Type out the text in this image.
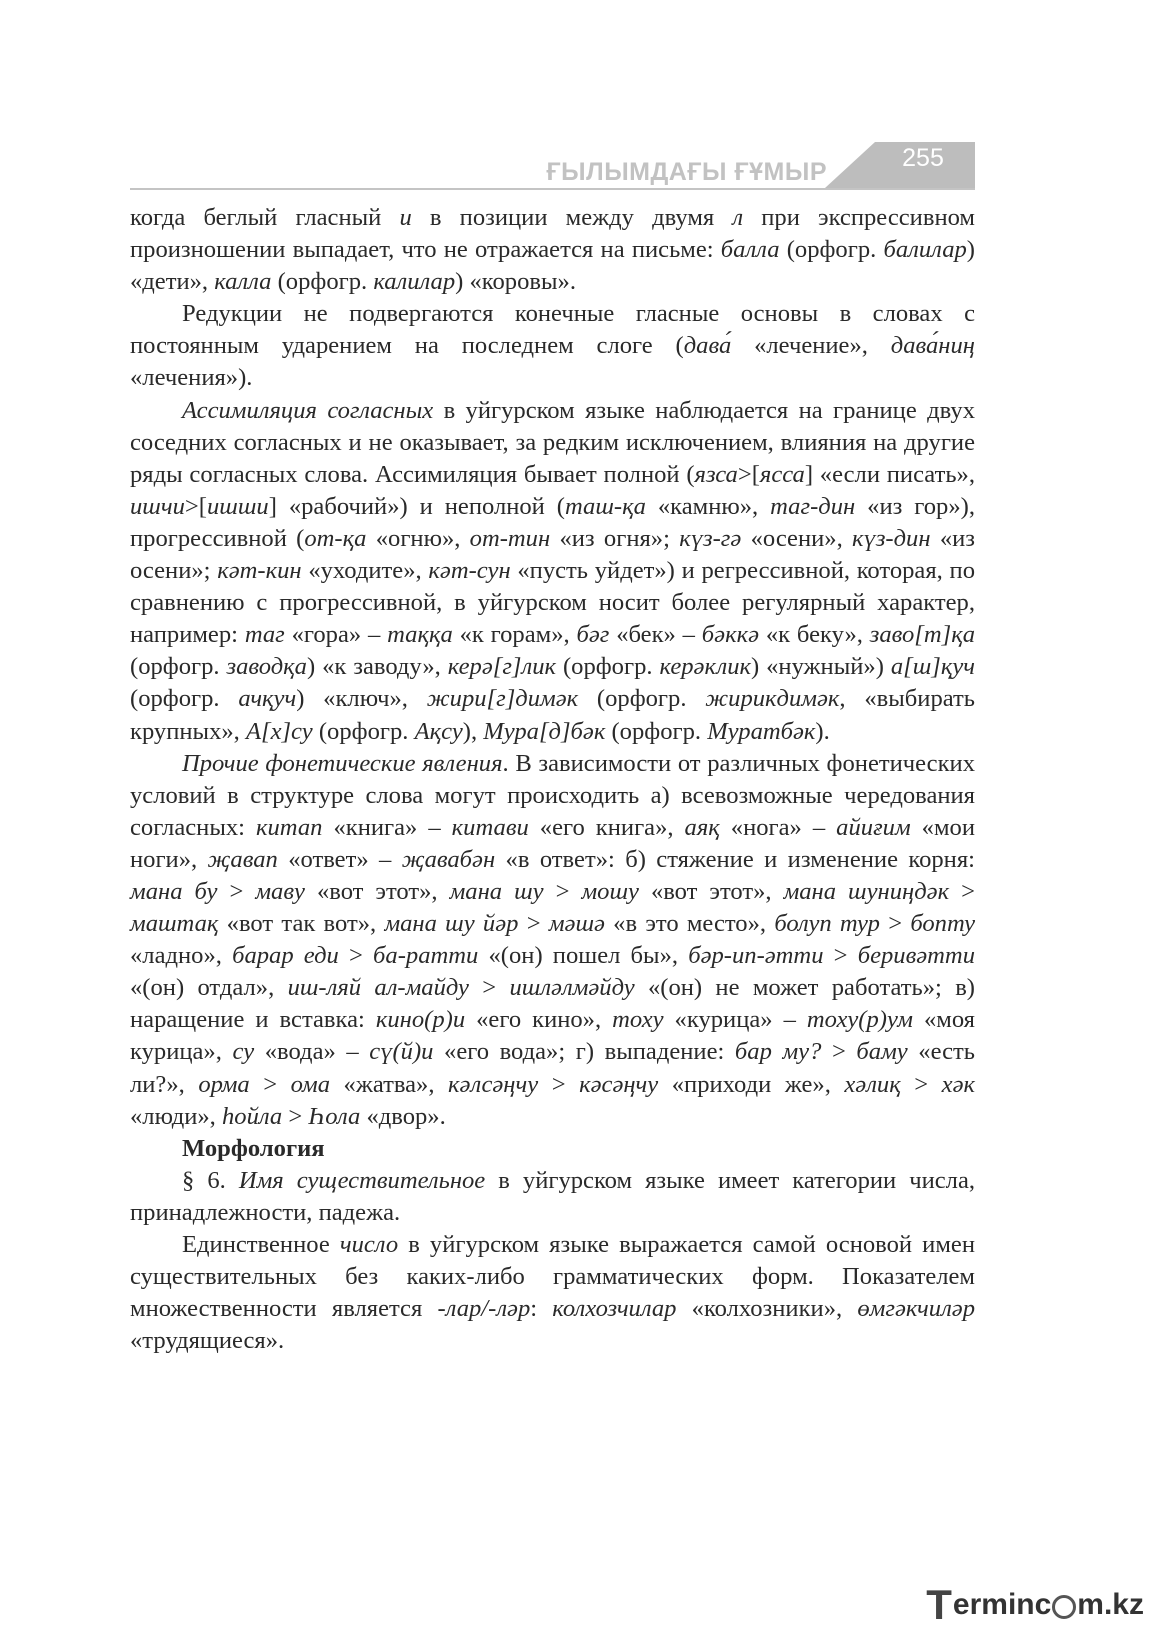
ҒЫЛЫМДАҒЫ ҒҰМЫР	255

когда беглый гласный и в позиции между двумя л при экспрессивном произношении выпадает, что не отражается на письме: балла (орфогр. балилар) «дети», калла (орфогр. калилар) «коровы».

Редукции не подвергаются конечные гласные основы в словах с постоянным ударением на последнем слоге (дава́ «лечение», дава́ниң «лечения»).

Ассимиляция согласных в уйгурском языке наблюдается на границе двух соседних согласных и не оказывает, за редким исключением, влияния на другие ряды согласных слова. Ассимиляция бывает полной (язса>[ясса] «если писать», ишчи>[ишши] «рабочий») и неполной (таш-қа «камню», таг-дин «из гор»), прогрессивной (от-қа «огню», от-тин «из огня»; күз-гә «осени», күз-дин «из осени»; кәт-кин «уходите», кәт-сун «пусть уйдет») и регрессивной, которая, по сравнению с прогрессивной, в уйгурском носит более регулярный характер, например: таг «гора» – таққа «к горам», бәг «бек» – бәккә «к беку», заво[т]қа (орфогр. заводқа) «к заводу», керә[г]лик (орфогр. керәклик) «нужный») а[ш]қуч (орфогр. ачқуч) «ключ», жири[г]димәк (орфогр. жирикдимәк, «выбирать крупных», А[х]су (орфогр. Ақсу), Мура[д]бәк (орфогр. Муратбәк).

Прочие фонетические явления. В зависимости от различных фонетических условий в структуре слова могут происходить а) всевозможные чередования согласных: китап «книга» – китави «его книга», аяқ «нога» – айиғим «мои ноги», җавап «ответ» – җавабән «в ответ»: б) стяжение и изменение корня: мана бу > маву «вот этот», мана шу > мошу «вот этот», мана шуниңдәк > маштақ «вот так вот», мана шу йәр > мәшә «в это место», болуп тур > бопту «ладно», барар еди > ба-ратти «(он) пошел бы», бәр-ип-әтти > беривәтти «(он) отдал», иш-ляй ал-майду > ишләлмәйду «(он) не может работать»; в) наращение и вставка: кино(р)и «его кино», тоху «курица» – тоху(р)ум «моя курица», су «вода» – сү(й)и «его вода»; г) выпадение: бар му? > баму «есть ли?», орма > ома «жатва», кәлсәңчу > кәсәңчу «приходи же», хәлиқ > хәк «люди», һойла > Һола «двор».

Морфология

§ 6. Имя существительное в уйгурском языке имеет категории числа, принадлежности, падежа.

Единственное число в уйгурском языке выражается самой основой имен существительных без каких-либо грамматических форм. Показателем множественности является -лар/-ләр: колхозчилар «колхозники», өмгәкчиләр «трудящиеся».

T erminc m.kz
